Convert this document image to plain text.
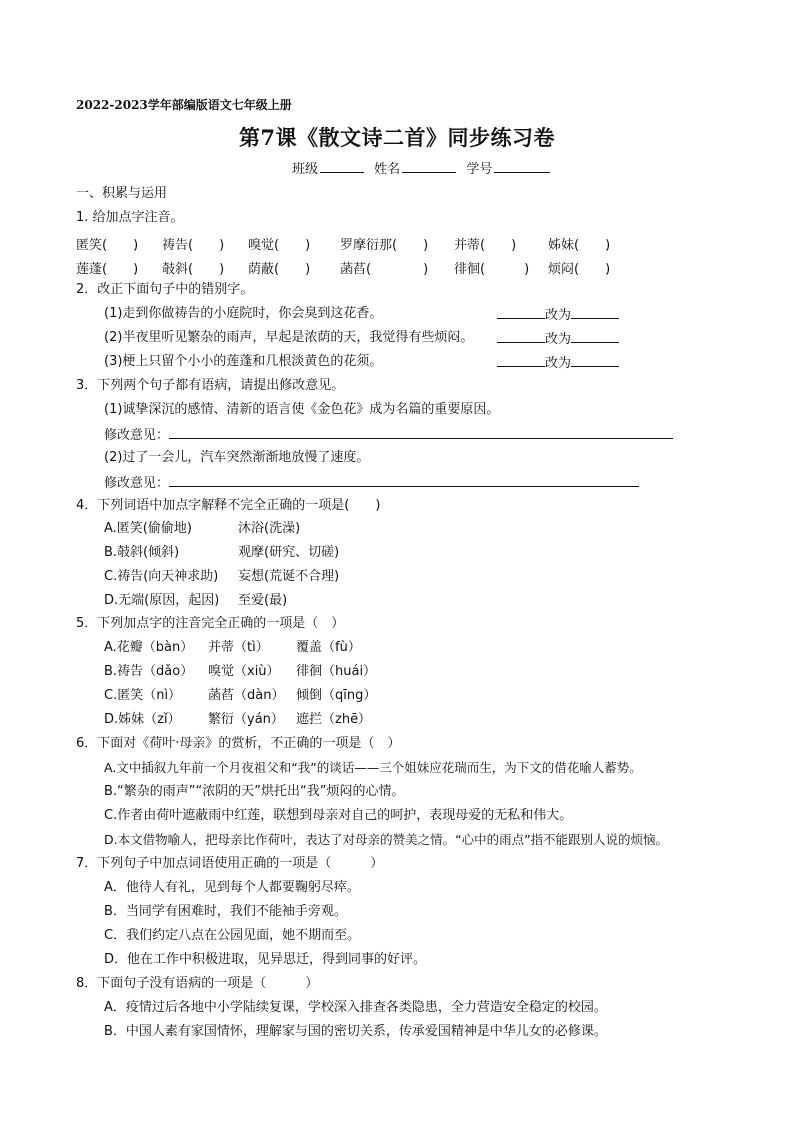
2022-2023学年部编版语文七年级上册
第7课《散文诗二首》同步练习卷
班级	姓名	学号
一、积累与运用
1. 给加点字注音。
匿笑(　　) 祷告(　　) 嗅觉(　　) 罗摩衍那(　　) 并蒂(　　) 姊妹(　　)
莲蓬(　　) 攲斜(　　) 荫蔽(　　) 菡萏(　　　　) 徘徊(　　　) 烦闷(　　)
2．改正下面句子中的错别字。
(1)走到你做祷告的小庭院时，你会臭到这花香。	改为
(2)半夜里听见繁杂的雨声，早起是浓荫的天，我觉得有些烦闷。	改为
(3)梗上只留个小小的莲蓬和几根淡黄色的花须。	改为
3．下列两个句子都有语病，请提出修改意见。
(1)诚挚深沉的感情、清新的语言使《金色花》成为名篇的重要原因。
修改意见：
(2)过了一会儿，汽车突然渐渐地放慢了速度。
修改意见：
4．下列词语中加点字解释不完全正确的一项是(　　)
A.匿笑(偷偷地)	沐浴(洗澡)
B.攲斜(倾斜)	观摩(研究、切磋)
C.祷告(向天神求助) 妄想(荒诞不合理)
D.无端(原因，起因) 至爱(最)
5．下列加点字的注音完全正确的一项是（　）
A.花瓣（bàn） 并蒂（tì） 覆盖（fù）
B.祷告（dǎo） 嗅觉（xiù） 徘徊（huái）
C.匿笑（nì） 菡萏（dàn） 倾倒（qīng）
D.姊妹（zǐ） 繁衍（yán） 遮拦（zhē）
6．下面对《荷叶·母亲》的赏析，不正确的一项是（　）
A.文中插叙九年前一个月夜祖父和“我”的谈话——三个姐妹应花瑞而生，为下文的借花喻人蓄势。
B.“繁杂的雨声”“浓阴的天”烘托出“我”烦闷的心情。
C.作者由荷叶遮蔽雨中红莲，联想到母亲对自己的呵护，表现母爱的无私和伟大。
D.本文借物喻人，把母亲比作荷叶，表达了对母亲的赞美之情。“心中的雨点”指不能跟别人说的烦恼。
7．下列句子中加点词语使用正确的一项是（　　　）
A．他待人有礼，见到每个人都要鞠躬尽瘁。
B．当同学有困难时，我们不能袖手旁观。
C．我们约定八点在公园见面，她不期而至。
D．他在工作中积极进取，见异思迁，得到同事的好评。
8．下面句子没有语病的一项是（　　　）
A．疫情过后各地中小学陆续复课，学校深入排查各类隐患，全力营造安全稳定的校园。
B．中国人素有家国情怀，理解家与国的密切关系，传承爱国精神是中华儿女的必修课。
